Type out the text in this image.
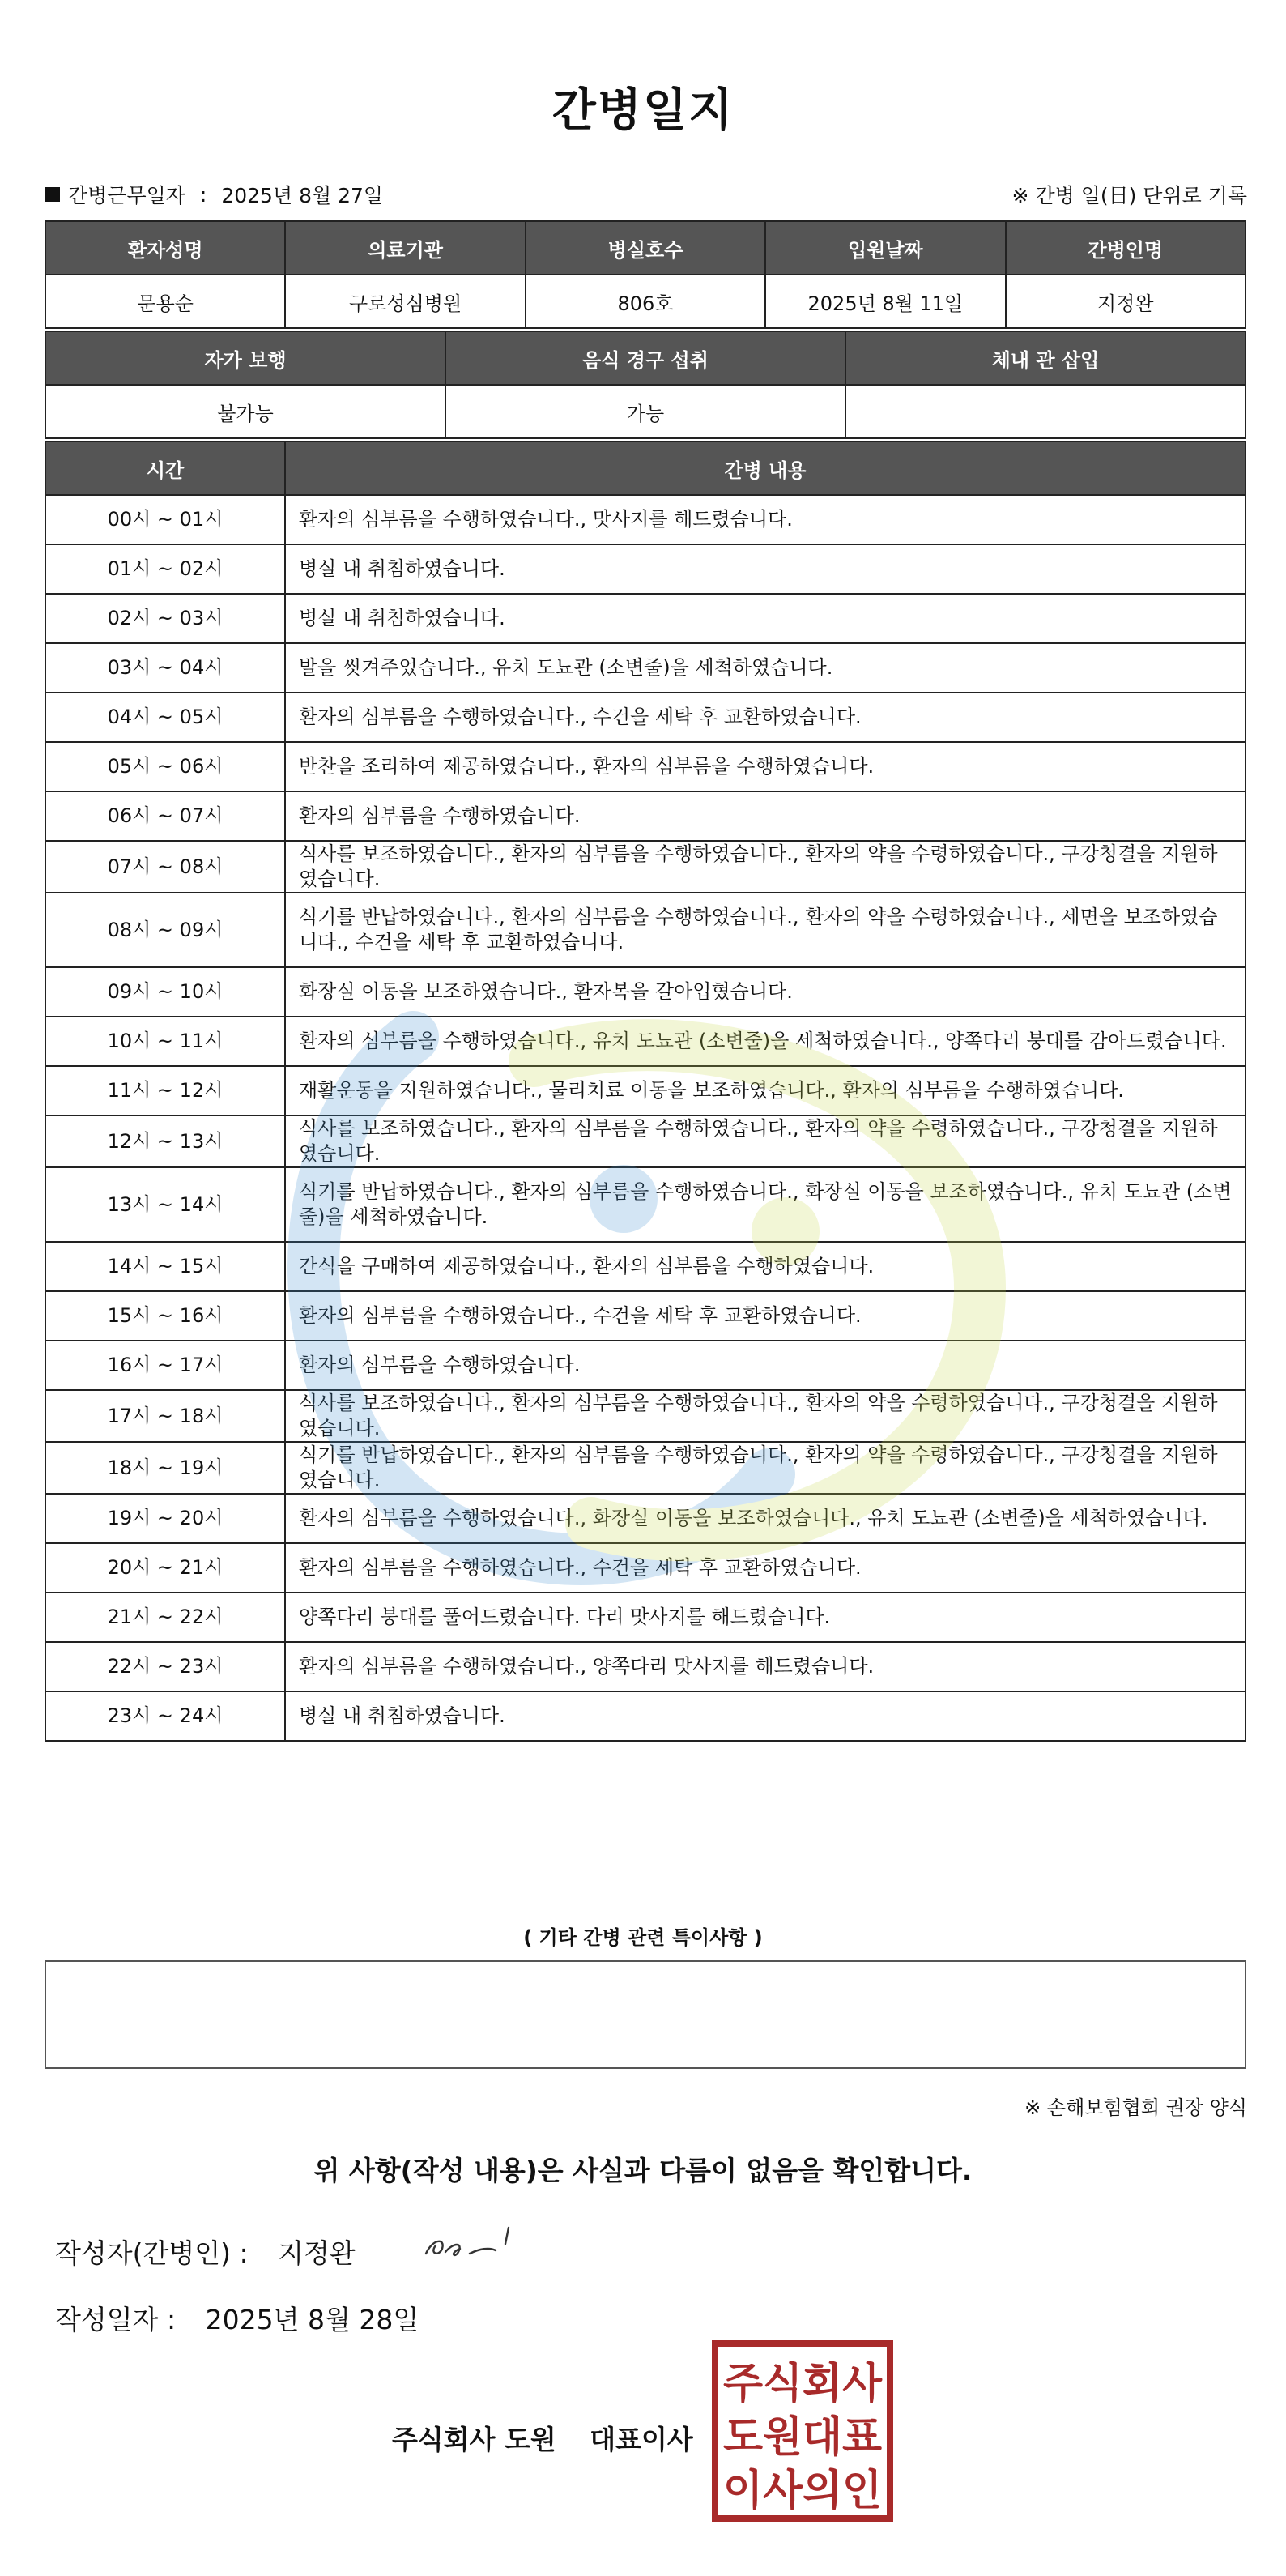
간병일지
간병근무일자 : 2025년 8월 27일	※ 간병 일(日) 단위로 기록
환자성명	의료기관	병실호수	입원날짜	간병인명
문용순	구로성심병원	806호	2025년 8월 11일	지정완
자가 보행	음식 경구 섭취	체내 관 삽입
불가능	가능	
시간	간병 내용
00시 ~ 01시	환자의 심부름을 수행하였습니다., 맛사지를 해드렸습니다.
01시 ~ 02시	병실 내 취침하였습니다.
02시 ~ 03시	병실 내 취침하였습니다.
03시 ~ 04시	발을 씻겨주었습니다., 유치 도뇨관 (소변줄)을 세척하였습니다.
04시 ~ 05시	환자의 심부름을 수행하였습니다., 수건을 세탁 후 교환하였습니다.
05시 ~ 06시	반찬을 조리하여 제공하였습니다., 환자의 심부름을 수행하였습니다.
06시 ~ 07시	환자의 심부름을 수행하였습니다.
07시 ~ 08시	식사를 보조하였습니다., 환자의 심부름을 수행하였습니다., 환자의 약을 수령하였습니다., 구강청결을 지원하였습니다.
08시 ~ 09시	식기를 반납하였습니다., 환자의 심부름을 수행하였습니다., 환자의 약을 수령하였습니다., 세면을 보조하였습니다., 수건을 세탁 후 교환하였습니다.
09시 ~ 10시	화장실 이동을 보조하였습니다., 환자복을 갈아입혔습니다.
10시 ~ 11시	환자의 심부름을 수행하였습니다., 유치 도뇨관 (소변줄)을 세척하였습니다., 양쪽다리 붕대를 감아드렸습니다.
11시 ~ 12시	재활운동을 지원하였습니다., 물리치료 이동을 보조하였습니다., 환자의 심부름을 수행하였습니다.
12시 ~ 13시	식사를 보조하였습니다., 환자의 심부름을 수행하였습니다., 환자의 약을 수령하였습니다., 구강청결을 지원하였습니다.
13시 ~ 14시	식기를 반납하였습니다., 환자의 심부름을 수행하였습니다., 화장실 이동을 보조하였습니다., 유치 도뇨관 (소변줄)을 세척하였습니다.
14시 ~ 15시	간식을 구매하여 제공하였습니다., 환자의 심부름을 수행하였습니다.
15시 ~ 16시	환자의 심부름을 수행하였습니다., 수건을 세탁 후 교환하였습니다.
16시 ~ 17시	환자의 심부름을 수행하였습니다.
17시 ~ 18시	식사를 보조하였습니다., 환자의 심부름을 수행하였습니다., 환자의 약을 수령하였습니다., 구강청결을 지원하였습니다.
18시 ~ 19시	식기를 반납하였습니다., 환자의 심부름을 수행하였습니다., 환자의 약을 수령하였습니다., 구강청결을 지원하였습니다.
19시 ~ 20시	환자의 심부름을 수행하였습니다., 화장실 이동을 보조하였습니다., 유치 도뇨관 (소변줄)을 세척하였습니다.
20시 ~ 21시	환자의 심부름을 수행하였습니다., 수건을 세탁 후 교환하였습니다.
21시 ~ 22시	양쪽다리 붕대를 풀어드렸습니다. 다리 맛사지를 해드렸습니다.
22시 ~ 23시	환자의 심부름을 수행하였습니다., 양쪽다리 맛사지를 해드렸습니다.
23시 ~ 24시	병실 내 취침하였습니다.
( 기타 간병 관련 특이사항 )
※ 손해보험협회 권장 양식
위 사항(작성 내용)은 사실과 다름이 없음을 확인합니다.
작성자(간병인) : 지정완
작성일자 : 2025년 8월 28일
주식회사 도원 대표이사
주식회사
도원대표
이사의인
